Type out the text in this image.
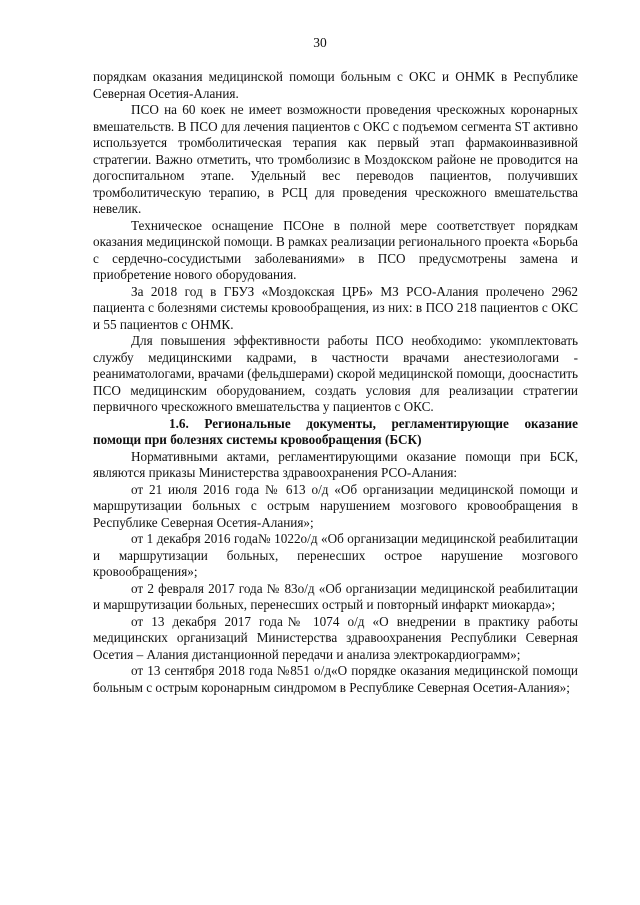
30

порядкам оказания медицинской помощи больным с ОКС и ОНМК в Республике Северная Осетия-Алания.

ПСО на 60 коек не имеет возможности проведения чрескожных коронарных вмешательств. В ПСО для лечения пациентов с ОКС с подъемом сегмента ST активно используется тромболитическая терапия как первый этап фармакоинвазивной стратегии. Важно отметить, что тромболизис в Моздокском районе не проводится на догоспитальном этапе. Удельный вес переводов пациентов, получивших тромболитическую терапию, в РСЦ для проведения чрескожного вмешательства невелик.

Техническое оснащение ПСОне в полной мере соответствует порядкам оказания медицинской помощи. В рамках реализации регионального проекта «Борьба с сердечно-сосудистыми заболеваниями» в ПСО предусмотрены замена и приобретение нового оборудования.

За 2018 год в ГБУЗ «Моздокская ЦРБ» МЗ РСО-Алания пролечено 2962 пациента с болезнями системы кровообращения, из них: в ПСО 218 пациентов с ОКС и 55 пациентов с ОНМК.

Для повышения эффективности работы ПСО необходимо: укомплектовать службу медицинскими кадрами, в частности врачами анестезиологами - реаниматологами, врачами (фельдшерами) скорой медицинской помощи, дооснастить ПСО медицинским оборудованием, создать условия для реализации стратегии первичного чрескожного вмешательства у пациентов с ОКС.

1.6. Региональные документы, регламентирующие оказание помощи при болезнях системы кровообращения (БСК)

Нормативными актами, регламентирующими оказание помощи при БСК, являются приказы Министерства здравоохранения РСО-Алания:

от 21 июля 2016 года № 613 о/д «Об организации медицинской помощи и маршрутизации больных с острым нарушением мозгового кровообращения в Республике Северная Осетия-Алания»;

от 1 декабря 2016 года№ 1022о/д «Об организации медицинской реабилитации и маршрутизации больных, перенесших острое нарушение мозгового кровообращения»;

от 2 февраля 2017 года № 83о/д «Об организации медицинской реабилитации и маршрутизации больных, перенесших острый и повторный инфаркт миокарда»;

от 13 декабря 2017 года№ 1074 о/д «О внедрении в практику работы медицинских организаций Министерства здравоохранения Республики Северная Осетия – Алания дистанционной передачи и анализа электрокардиограмм»;

от 13 сентября 2018 года №851 о/д«О порядке оказания медицинской помощи больным с острым коронарным синдромом в Республике Северная Осетия-Алания»;
